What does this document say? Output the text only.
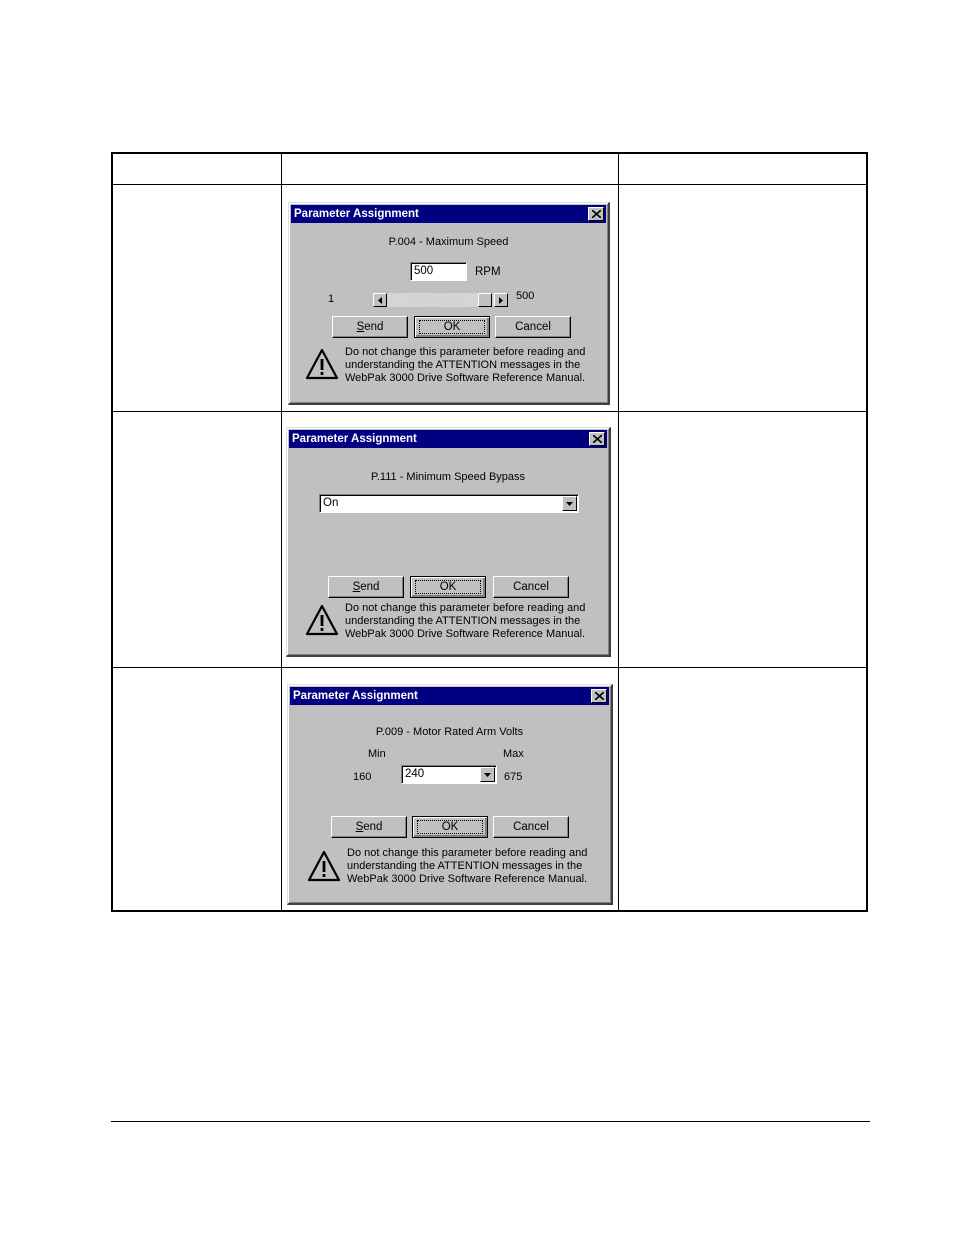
Parameter Assignment
P.004 - Maximum Speed
500	RPM
1	500
Send	OK	Cancel
Do not change this parameter before reading and
understanding the ATTENTION messages in the
WebPak 3000 Drive Software Reference Manual.
Parameter Assignment
P.111 - Minimum Speed Bypass
On
Send	OK	Cancel
Do not change this parameter before reading and
understanding the ATTENTION messages in the
WebPak 3000 Drive Software Reference Manual.
Parameter Assignment
P.009 - Motor Rated Arm Volts
Min	Max
160	240	675
Send	OK	Cancel
Do not change this parameter before reading and
understanding the ATTENTION messages in the
WebPak 3000 Drive Software Reference Manual.
